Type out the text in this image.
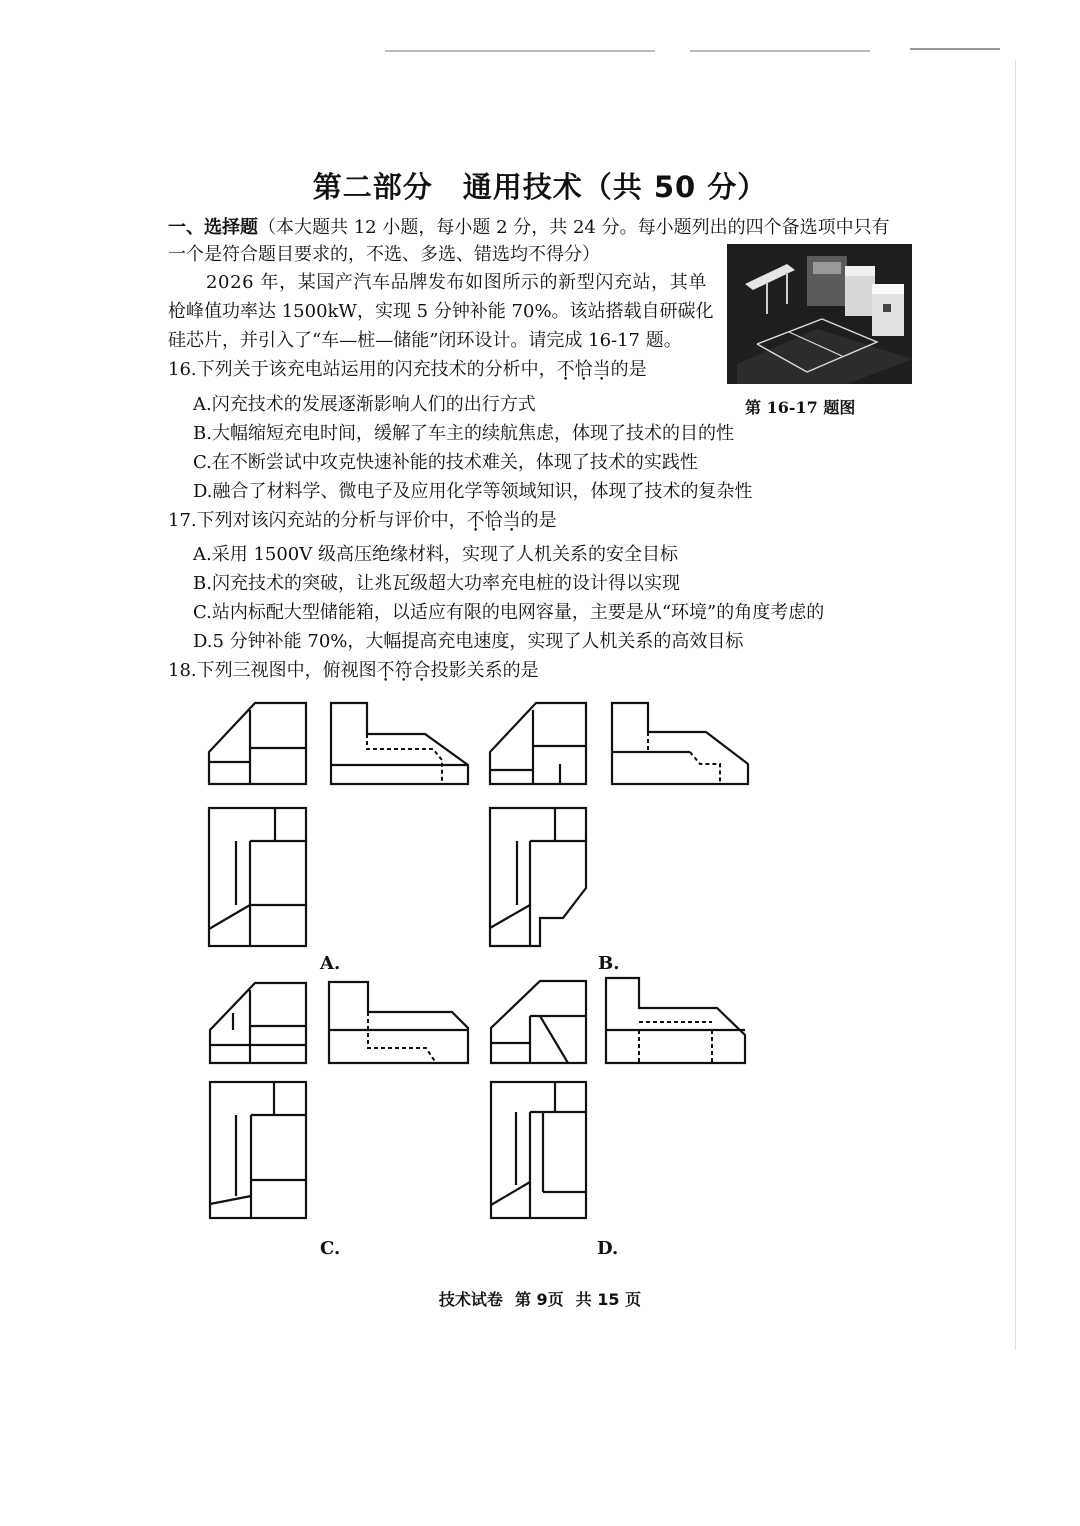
第二部分　通用技术（共 50 分）
一、选择题（本大题共 12 小题，每小题 2 分，共 24 分。每小题列出的四个备选项中只有
一个是符合题目要求的，不选、多选、错选均不得分）
2026 年，某国产汽车品牌发布如图所示的新型闪充站，其单
枪峰值功率达 1500kW，实现 5 分钟补能 70%。该站搭载自研碳化
硅芯片，并引入了“车—桩—储能”闭环设计。请完成 16-17 题。
第 16-17 题图
16.下列关于该充电站运用的闪充技术的分析中，不恰当的是
A.闪充技术的发展逐渐影响人们的出行方式
B.大幅缩短充电时间，缓解了车主的续航焦虑，体现了技术的目的性
C.在不断尝试中攻克快速补能的技术难关，体现了技术的实践性
D.融合了材料学、微电子及应用化学等领域知识，体现了技术的复杂性
17.下列对该闪充站的分析与评价中，不恰当的是
A.采用 1500V 级高压绝缘材料，实现了人机关系的安全目标
B.闪充技术的突破，让兆瓦级超大功率充电桩的设计得以实现
C.站内标配大型储能箱，以适应有限的电网容量，主要是从“环境”的角度考虑的
D.5 分钟补能 70%，大幅提高充电速度，实现了人机关系的高效目标
18.下列三视图中，俯视图不符合投影关系的是
A.	B.
C.	D.
技术试卷 第 9页 共 15 页
